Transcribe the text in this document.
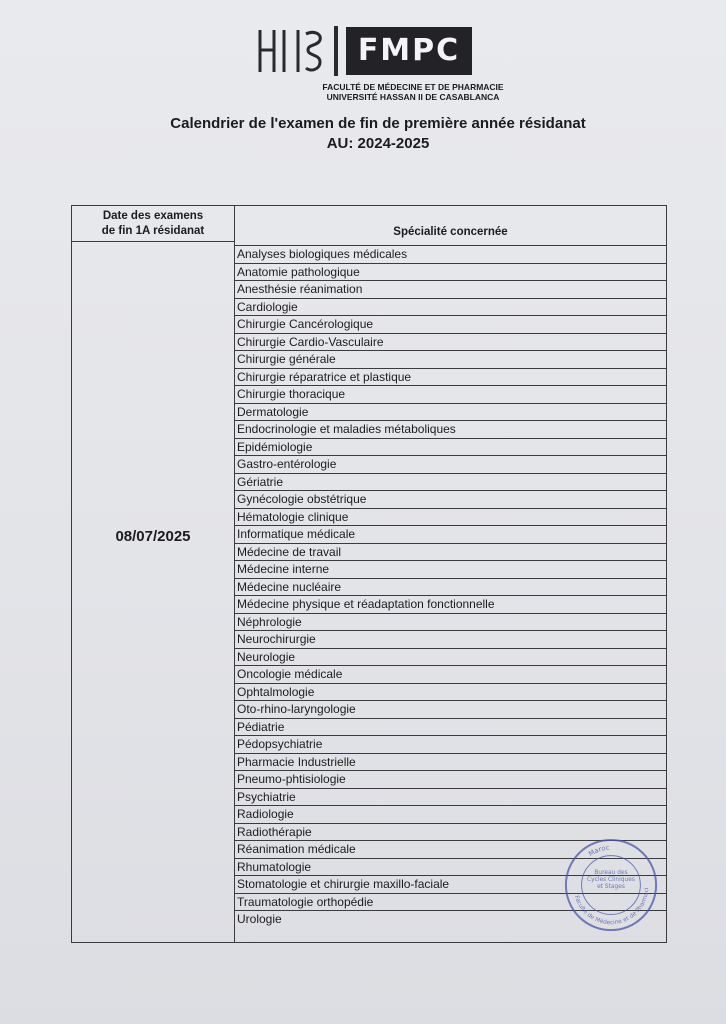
FMPC
FACULTÉ DE MÉDECINE ET DE PHARMACIE
UNIVERSITÉ HASSAN II DE CASABLANCA
Calendrier de l'examen de fin de première année résidanat
AU: 2024-2025
Date des examens
de fin 1A résidanat	Spécialité concernée
08/07/2025
Analyses biologiques médicales
Anatomie pathologique
Anesthésie réanimation
Cardiologie
Chirurgie Cancérologique
Chirurgie Cardio-Vasculaire
Chirurgie générale
Chirurgie réparatrice et plastique
Chirurgie thoracique
Dermatologie
Endocrinologie et maladies métaboliques
Epidémiologie
Gastro-entérologie
Gériatrie
Gynécologie obstétrique
Hématologie clinique
Informatique médicale
Médecine de travail
Médecine interne
Médecine nucléaire
Médecine physique et réadaptation fonctionnelle
Néphrologie
Neurochirurgie
Neurologie
Oncologie médicale
Ophtalmologie
Oto-rhino-laryngologie
Pédiatrie
Pédopsychiatrie
Pharmacie Industrielle
Pneumo-phtisiologie
Psychiatrie
Radiologie
Radiothérapie
Réanimation médicale
Rhumatologie
Stomatologie et chirurgie maxillo-faciale
Traumatologie orthopédie
Urologie
Maroc
Bureau des Cycles Cliniques et Stages
Faculté de Médecine et de Pharmaci
